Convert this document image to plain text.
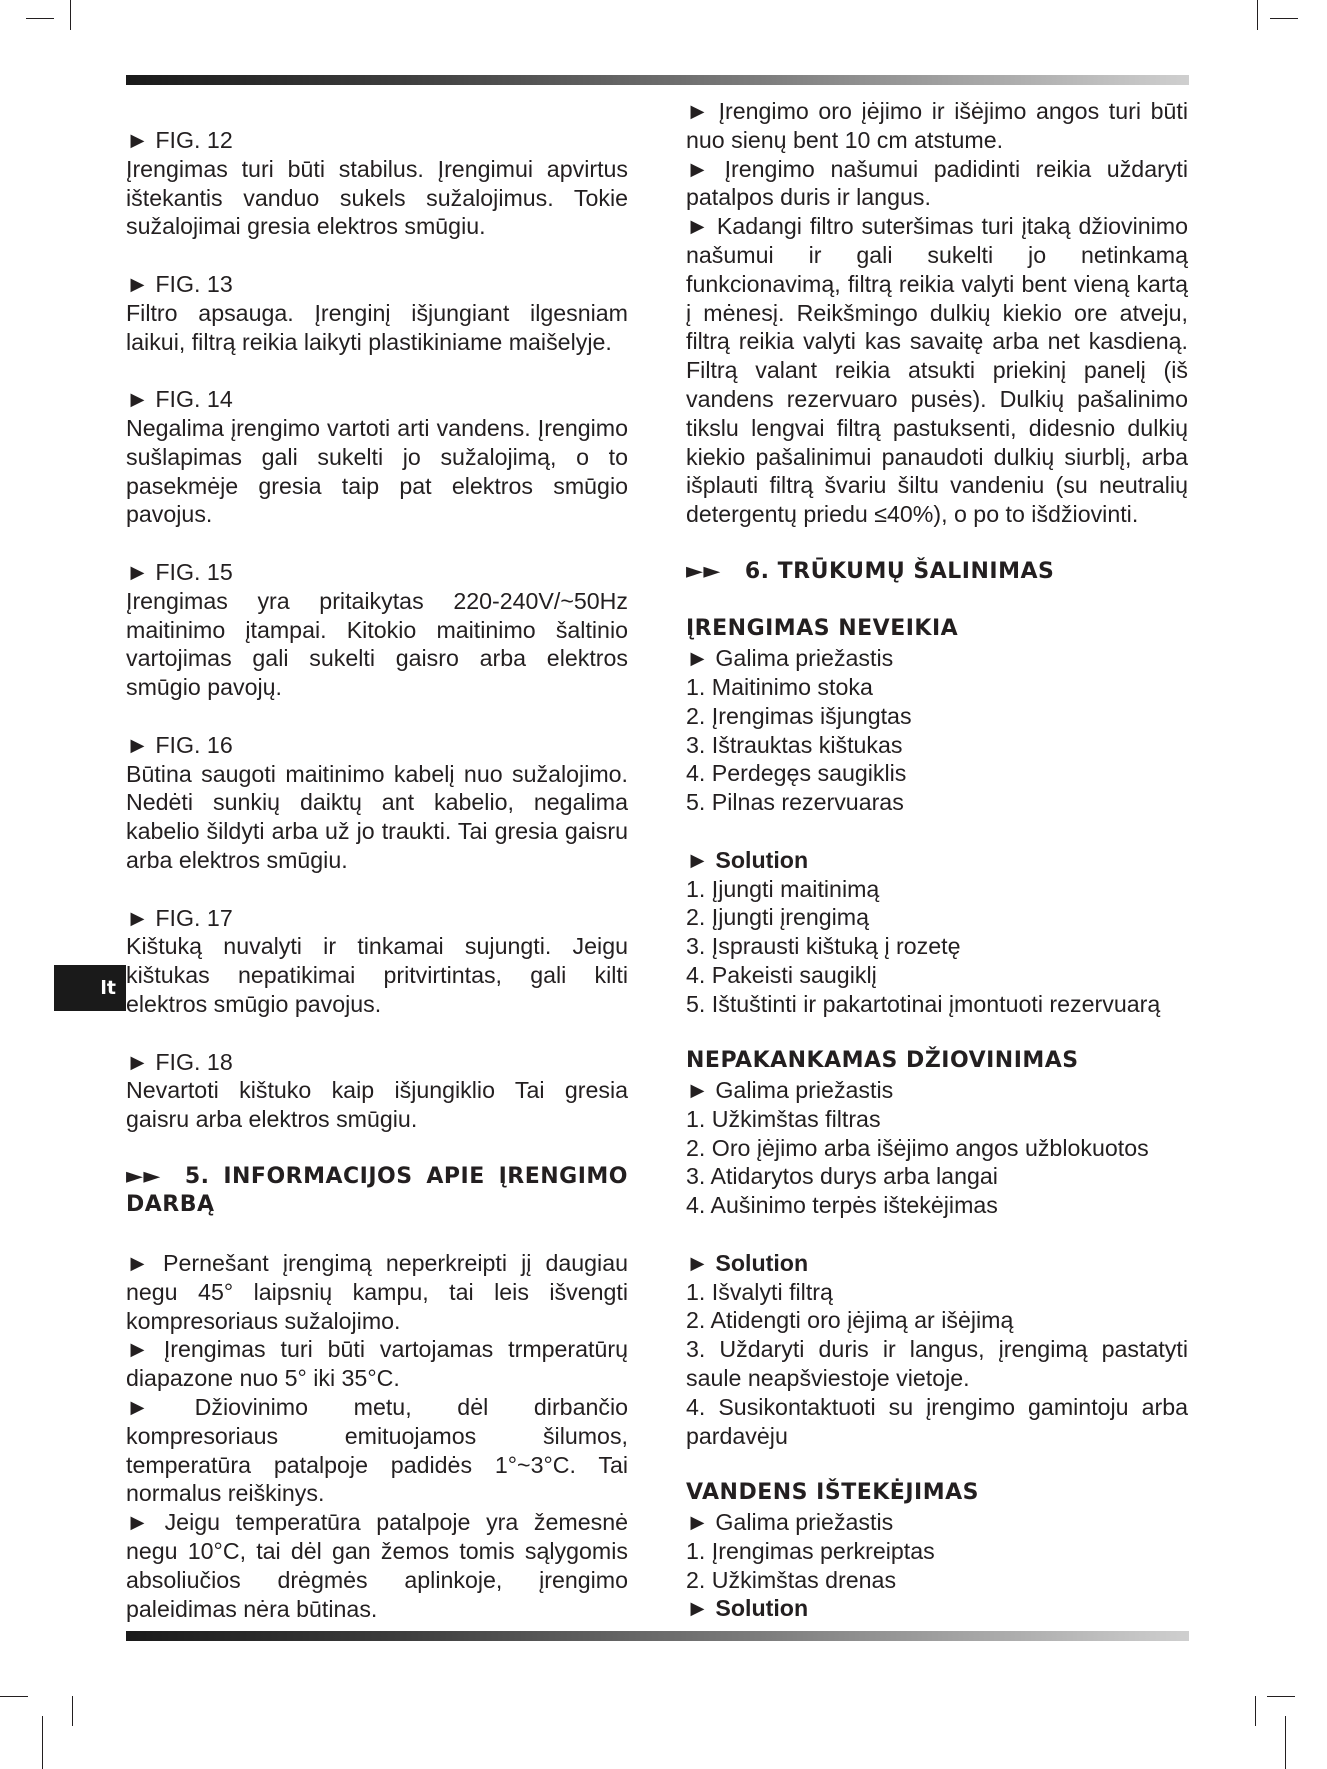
lt

► FIG. 12

Įrengimas turi būti stabilus. Įrengimui apvirtus ištekantis vanduo sukels sužalojimus. Tokie sužalojimai gresia elektros smūgiu.

► FIG. 13

Filtro apsauga. Įrenginį išjungiant ilgesniam laikui, filtrą reikia laikyti plastikiniame maišelyje.

► FIG. 14

Negalima įrengimo vartoti arti vandens. Įrengimo sušlapimas gali sukelti jo sužalojimą, o to pasekmėje gresia taip pat elektros smūgio pavojus.

► FIG. 15

Įrengimas yra pritaikytas 220-240V/~50Hz maitinimo įtampai. Kitokio maitinimo šaltinio vartojimas gali sukelti gaisro arba elektros smūgio pavojų.

► FIG. 16

Būtina saugoti maitinimo kabelį nuo sužalojimo. Nedėti sunkių daiktų ant kabelio, negalima kabelio šildyti arba už jo traukti. Tai gresia gaisru arba elektros smūgiu.

► FIG. 17

Kištuką nuvalyti ir tinkamai sujungti. Jeigu kištukas nepatikimai pritvirtintas, gali kilti elektros smūgio pavojus.

► FIG. 18

Nevartoti kištuko kaip išjungiklio Tai gresia gaisru arba elektros smūgiu.

►► 5. INFORMACIJOS APIE ĮRENGIMO DARBĄ

► Pernešant įrengimą neperkreipti jį daugiau negu 45° laipsnių kampu, tai leis išvengti kompresoriaus sužalojimo.

► Įrengimas turi būti vartojamas trmperatūrų diapazone nuo 5° iki 35°C.

► Džiovinimo metu, dėl dirbančio kompresoriaus emituojamos šilumos, temperatūra patalpoje padidės 1°~3°C. Tai normalus reiškinys.

► Jeigu temperatūra patalpoje yra žemesnė negu 10°C, tai dėl gan žemos tomis sąlygomis absoliučios drėgmės aplinkoje, įrengimo paleidimas nėra būtinas.

► Įrengimo oro įėjimo ir išėjimo angos turi būti nuo sienų bent 10 cm atstume.

► Įrengimo našumui padidinti reikia uždaryti patalpos duris ir langus.

► Kadangi filtro suteršimas turi įtaką džiovinimo našumui ir gali sukelti jo netinkamą funkcionavimą, filtrą reikia valyti bent vieną kartą į mėnesį. Reikšmingo dulkių kiekio ore atveju, filtrą reikia valyti kas savaitę arba net kasdieną. Filtrą valant reikia atsukti priekinį panelį (iš vandens rezervuaro pusės). Dulkių pašalinimo tikslu lengvai filtrą pastuksenti, didesnio dulkių kiekio pašalinimui panaudoti dulkių siurblį, arba išplauti filtrą švariu šiltu vandeniu (su neutralių detergentų priedu ≤40%), o po to išdžiovinti.

►► 6. TRŪKUMŲ ŠALINIMAS

ĮRENGIMAS NEVEIKIA

► Galima priežastis

1. Maitinimo stoka

2. Įrengimas išjungtas

3. Ištrauktas kištukas

4. Perdegęs saugiklis

5. Pilnas rezervuaras

► Solution

1. Įjungti maitinimą

2. Įjungti įrengimą

3. Įsprausti kištuką į rozetę

4. Pakeisti saugiklį

5. Ištuštinti ir pakartotinai įmontuoti rezervuarą

NEPAKANKAMAS DŽIOVINIMAS

► Galima priežastis

1. Užkimštas filtras

2. Oro įėjimo arba išėjimo angos užblokuotos

3. Atidarytos durys arba langai

4. Aušinimo terpės ištekėjimas

► Solution

1. Išvalyti filtrą

2. Atidengti oro įėjimą ar išėjimą

3. Uždaryti duris ir langus, įrengimą pastatyti saule neapšviestoje vietoje.

4. Susikontaktuoti su įrengimo gamintoju arba pardavėju

VANDENS IŠTEKĖJIMAS

► Galima priežastis

1. Įrengimas perkreiptas

2. Užkimštas drenas

► Solution
